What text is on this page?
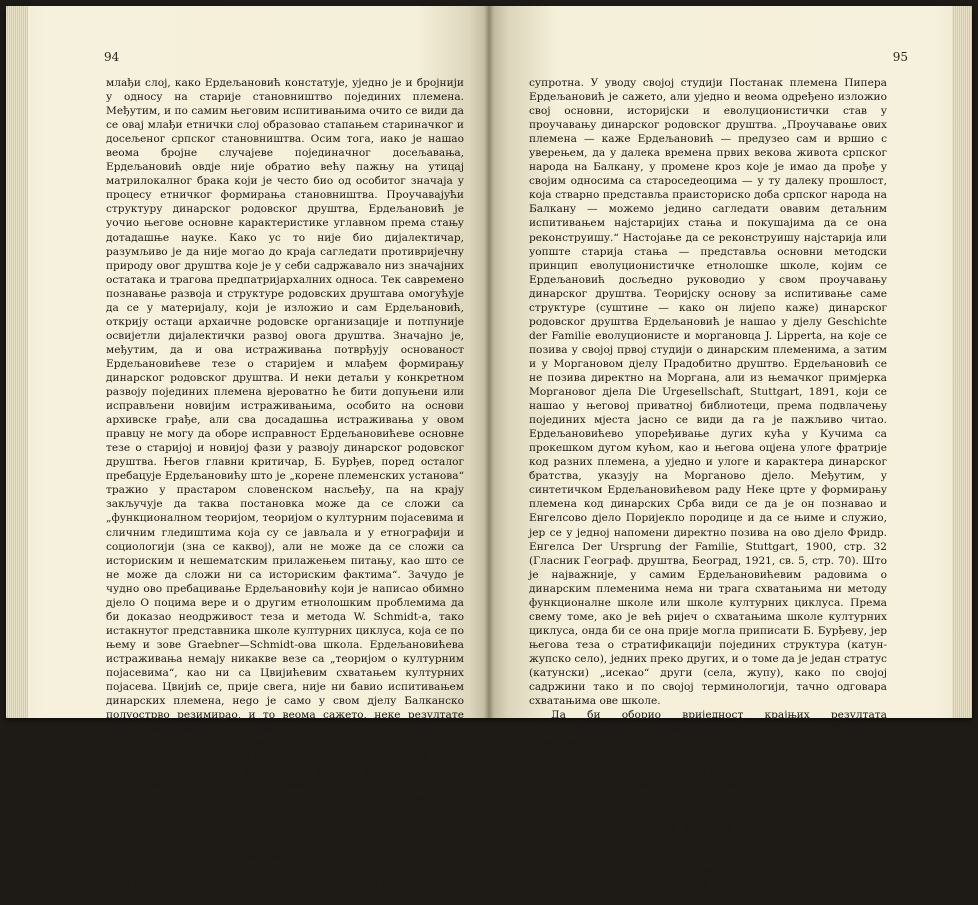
94

млађи слој, како Ердељановић констатује, уједно је и бројнији у односу на старије становништво појединих племена. Међутим, и по самим његовим испитивањима очито се види да се овај млађи етнички слој образовао стапањем стариначког и досељеног српског становништва. Осим тога, иако је нашао веома бројне случајеве појединачног досељавања, Ердељановић овдје није обратио већу пажњу на утицај матрилокалног брака који је често био од особитог значаја у процесу етничког формирања становништва. Проучавајући структуру динарског родовског друштва, Ердељановић је уочио његове основне карактеристике углавном према стању дотадашње науке. Како ус то није био дијалектичар, разумљиво је да није могао до краја сагледати противријечну природу овог друштва које је у себи садржавало низ значајних остатака и трагова предпатријархалних односа. Тек савремено познавање развоја и структуре родовских друштава омогућује да се у материјалу, који је изложио и сам Ердељановић, открију остаци архаичне родовске организације и потпуније освијетли дијалектички развој овога друштва. Значајно је, међутим, да и ова истраживања потврђују основаност Ердељановићеве тезе о старијем и млађем формирању динарског родовског друштва. И неки детаљи у конкретном развоју појединих племена вјероватно ће бити допуњени или исправљени новијим истраживањима, особито на основи архивске грађе, али сва досадашња истраживања у овом правцу не могу да оборе исправност Ердељановићеве основне тезе о старијој и новијој фази у развоју динарског родовског друштва. Његов главни критичар, Б. Бурђев, поред осталог пребацује Ердељановићу што је „корене племенских установа“ тражио у прастаром словенском насљеђу, па на крају закључује да таква постановка може да се сложи са „функционалном теоријом, теоријом о културним појасевима и сличним гледиштима која су се јављала и у етнографији и социологији (зна се каквој), али не може да се сложи са историским и нешематским прилажењем питању, као што се не може да сложи ни са историским фактима“. Зачудо је чудно ово пребацивање Ердељановићу који је написао обимно дјело О поцима вере и о другим етнолошким проблемима да би доказао неодрживост теза и метода W. Schmidt-а, тако истакнутог представника школе културних циклуса, која се по њему и зове Graebner—Schmidt-ова школа. Ердељановићева истраживања немају никакве везе са „теоријом о културним појасевима“, као ни са Цвијићевим схватањем културних појасева. Цвијић се, прије свега, није ни бавио испитивањем динарских племена, нego je само у свом дјелу Балканско полуострво резимирао, и то веома сажето, неке резултате других истраживача, у првом реду самог Ердељановића. А затим, Цвијић је био антропогеограф који се, и поред своје снажне оригиналности, у почетку развијао под утицајем бечке школе F. Ratzel-а, из које ће се касније родити и школа културних циклуса. Ердељановић је по свом развоју и по својим схватањима, напротив, био етнолог еволуционист, а у проучавању динарских племена чак и моргановаш у ужем смислу. Стога, ко и мало познаје схватања и метод антиисторичке функционалне школе може одмах видјети да нема ни трага Ердељановићевих схватања и метод у проучавању динарског родовског друштва немају баш никакве везе ни са функционалном школом, већ да су јој директно

95

супротна. У уводу својој студији Постанак племена Пипера Ердељановић је сажето, али уједно и веома одређено изложио свој основни, историјски и еволуционистички став у проучавању динарског родовског друштва. „Проучавање ових племена — каже Ердељановић — предузео сам и вршио с уверењем, да у далека времена првих векова живота српског народа на Балкану, у промене кроз које је имао да прође у својим односима са староседеоцима — у ту далеку прошлост, која стварно представља праисториско доба српског народа на Балкану — можемо једино сагледати овавим детаљним испитивањем најстаријих стања и покушајима да се она реконструишу.“ Настојање да се реконструишу најстарија или уопште старија стања — представља основни методски принцип еволуционистичке етнолошке школе, којим се Ердељановић досљедно руководио у свом проучавању динарског друштва. Теоријску основу за испитивање саме структуре (суштине — како он лијепо каже) динарског родовског друштва Ердељановић је нашао у дјелу Geschichte der Familie еволуционисте и моргановца J. Lipperta, на које се позива у својој првој студији о динарским племенима, а затим и у Моргановом дјелу Прадобитно друштво. Ердељановић се не позива директно на Моргана, али из њемачког примјерка Моргановог дјела Die Urgesellschaft, Stuttgart, 1891, који се нашао у његовој приватној библиотеци, према подвлачењу појединих мјеста јасно се види да га је пажљиво читао. Ердељановићево упоређивање дугих кућа у Кучима са прокешком дугом кућом, као и његова оцјена улоге фратрије код разних племена, а уједно и улоге и карактера динарског братства, указују на Морганово дјело. Међутим, у синтетичком Ердељановићевом раду Неке црте у формирању племена код динарских Срба види се да је он познавао и Енгелсово дјело Поријекло породице и да се њиме и служио, јер се у једној напомени директно позива на ово дјело Фридр. Енгелса Der Ursprung der Familie, Stuttgart, 1900, стр. 32 (Гласник Географ. друштва, Београд, 1921, св. 5, стр. 70). Што је најважније, у самим Ердељановићевим радовима о динарским племенима нема ни трага схватањима ни методу функционалне школе или школе културних циклуса. Према свему томе, ако је већ ријеч о схватањима школе културних циклуса, онда би се она прије могла приписати Б. Бурђеву, јер његова теза о стратификацији појединих структура (катун-жупско село), једних преко других, и о томе да је један стратус (катунски) „исекао“ други (села, жупу), како по својој садржини тако и по својој терминологији, тачно одговара схватањима ове школе.

Да би оборио вриједност крајњих резултата Ердељановићевих истраживања, Бурђев му пребацује и шематичност која је у супротности са историским чињеницама. У ствари, далеко од сваке шеме, вршећи директна испитивања и радећи на обиљу материјала из разних извора, Ердељановић је вршио конкретна историска истраживања, трагајући уједно и за суштином појава и процеса. У томе се битно и разликује Ердељановићев метод од метода Б. Бурђева који је своју шему стратификације и исецања изградио на основи произвољне (у суштини, како и сам признаје, Suffiayeve) интерпретације неколико историографских, заправо архивских података, не водећи при томе рачуна ни о суштини и законитости, ни о стварном развоју динарског
